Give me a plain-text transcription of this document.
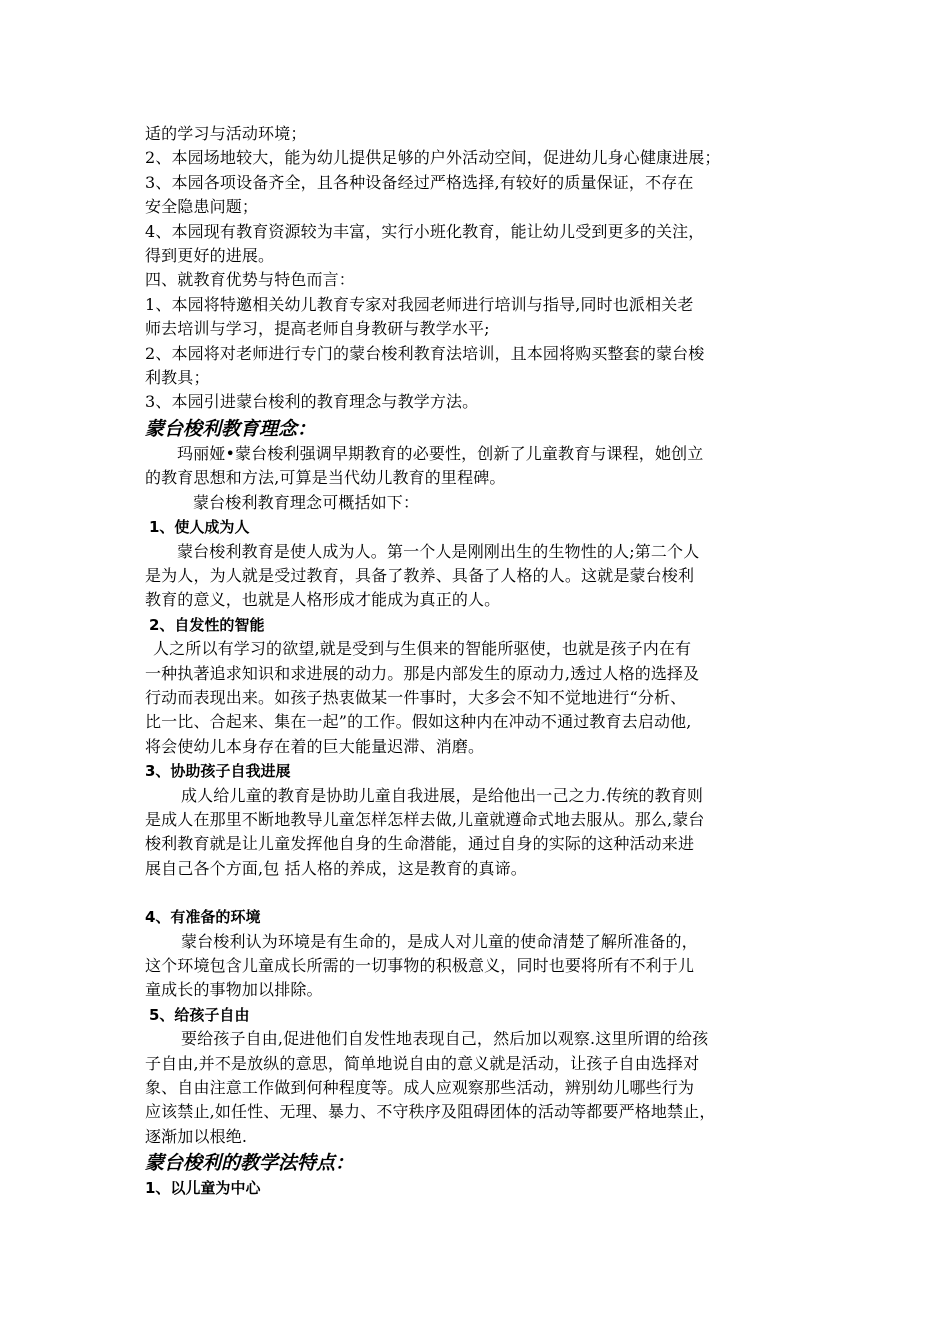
适的学习与活动环境；

2、本园场地较大，能为幼儿提供足够的户外活动空间，促进幼儿身心健康进展；

3、本园各项设备齐全，且各种设备经过严格选择,有较好的质量保证，不存在

安全隐患问题；

4、本园现有教育资源较为丰富，实行小班化教育，能让幼儿受到更多的关注，

得到更好的进展。

四、就教育优势与特色而言：

1、本园将特邀相关幼儿教育专家对我园老师进行培训与指导,同时也派相关老

师去培训与学习，提高老师自身教研与教学水平;

2、本园将对老师进行专门的蒙台梭利教育法培训，且本园将购买整套的蒙台梭

利教具；

3、本园引进蒙台梭利的教育理念与教学方法。

蒙台梭利教育理念：

玛丽娅•蒙台梭利强调早期教育的必要性，创新了儿童教育与课程，她创立

的教育思想和方法,可算是当代幼儿教育的里程碑。

蒙台梭利教育理念可概括如下：

1、使人成为人

蒙台梭利教育是使人成为人。第一个人是刚刚出生的生物性的人;第二个人

是为人，为人就是受过教育，具备了教养、具备了人格的人。这就是蒙台梭利

教育的意义，也就是人格形成才能成为真正的人。

2、自发性的智能

人之所以有学习的欲望,就是受到与生俱来的智能所驱使，也就是孩子内在有

一种执著追求知识和求进展的动力。那是内部发生的原动力,透过人格的选择及

行动而表现出来。如孩子热衷做某一件事时，大多会不知不觉地进行“分析、

比一比、合起来、集在一起”的工作。假如这种内在冲动不通过教育去启动他,

将会使幼儿本身存在着的巨大能量迟滞、消磨。

3、协助孩子自我进展

成人给儿童的教育是协助儿童自我进展，是给他出一己之力.传统的教育则

是成人在那里不断地教导儿童怎样怎样去做,儿童就遵命式地去服从。那么,蒙台

梭利教育就是让儿童发挥他自身的生命潜能，通过自身的实际的这种活动来进

展自己各个方面,包 括人格的养成，这是教育的真谛。

4、有准备的环境

蒙台梭利认为环境是有生命的，是成人对儿童的使命清楚了解所准备的，

这个环境包含儿童成长所需的一切事物的积极意义，同时也要将所有不利于儿

童成长的事物加以排除。

5、给孩子自由

要给孩子自由,促进他们自发性地表现自己，然后加以观察.这里所谓的给孩

子自由,并不是放纵的意思，简单地说自由的意义就是活动，让孩子自由选择对

象、自由注意工作做到何种程度等。成人应观察那些活动，辨别幼儿哪些行为

应该禁止,如任性、无理、暴力、不守秩序及阻碍团体的活动等都要严格地禁止，

逐渐加以根绝.

蒙台梭利的教学法特点：
1、以儿童为中心
